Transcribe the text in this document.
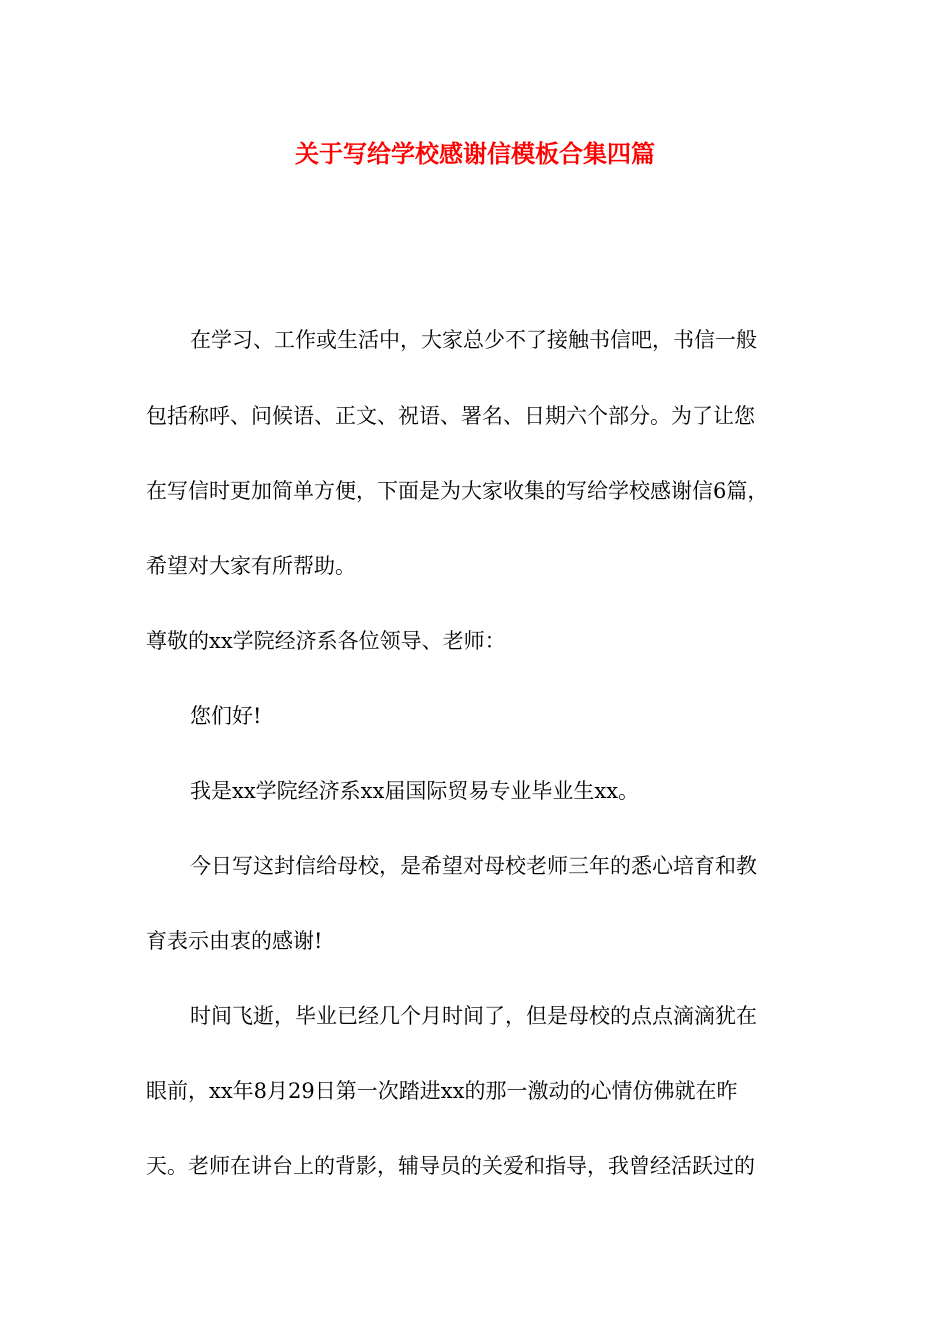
关于写给学校感谢信模板合集四篇
在学习、工作或生活中，大家总少不了接触书信吧，书信一般
包括称呼、问候语、正文、祝语、署名、日期六个部分。为了让您
在写信时更加简单方便，下面是为大家收集的写给学校感谢信6篇，
希望对大家有所帮助。
尊敬的xx学院经济系各位领导、老师：
您们好!
我是xx学院经济系xx届国际贸易专业毕业生xx。
今日写这封信给母校，是希望对母校老师三年的悉心培育和教
育表示由衷的感谢!
时间飞逝，毕业已经几个月时间了，但是母校的点点滴滴犹在
眼前，xx年8月29日第一次踏进xx的那一激动的心情仿佛就在昨
天。老师在讲台上的背影，辅导员的关爱和指导，我曾经活跃过的
